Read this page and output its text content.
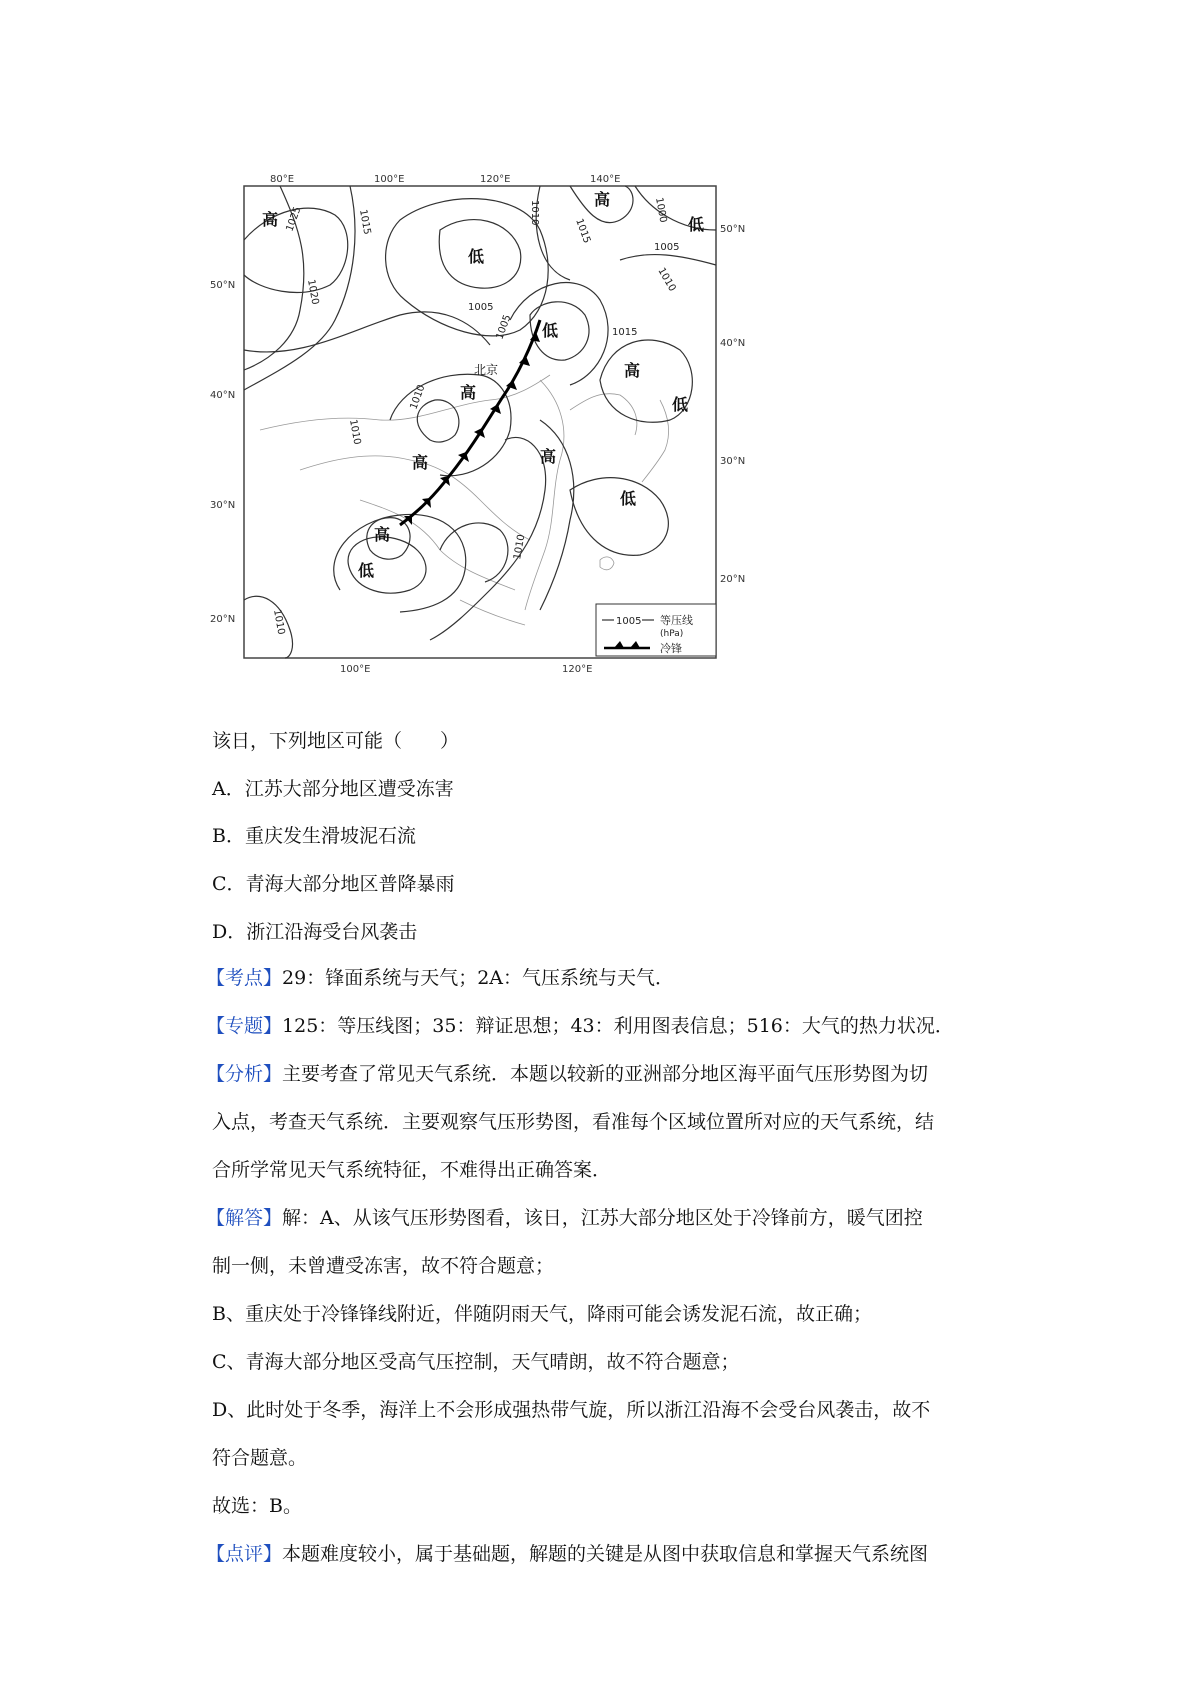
80°E	100°E	120°E	140°E
100°E	120°E
50°N
40°N
30°N
20°N
50°N
40°N
30°N
20°N
1025	1015
1020
1010
1015
1005
1010
1005
1010
1010
1015
1000
1005
1010
1010
高
高
低
低
低
高
低
高
高	高
低
高
低
北京
1005 等压线
(hPa)
冷锋
该日，下列地区可能（　　）
A．江苏大部分地区遭受冻害
B．重庆发生滑坡泥石流
C．青海大部分地区普降暴雨
D．浙江沿海受台风袭击
【考点】29：锋面系统与天气；2A：气压系统与天气．
【专题】125：等压线图；35：辩证思想；43：利用图表信息；516：大气的热力状况．
【分析】主要考查了常见天气系统．本题以较新的亚洲部分地区海平面气压形势图为切
入点，考查天气系统．主要观察气压形势图，看准每个区域位置所对应的天气系统，结
合所学常见天气系统特征，不难得出正确答案．
【解答】解：A、从该气压形势图看，该日，江苏大部分地区处于冷锋前方，暖气团控
制一侧，未曾遭受冻害，故不符合题意；
B、重庆处于冷锋锋线附近，伴随阴雨天气，降雨可能会诱发泥石流，故正确；
C、青海大部分地区受高气压控制，天气晴朗，故不符合题意；
D、此时处于冬季，海洋上不会形成强热带气旋，所以浙江沿海不会受台风袭击，故不
符合题意。
故选：B。
【点评】本题难度较小，属于基础题，解题的关键是从图中获取信息和掌握天气系统图
